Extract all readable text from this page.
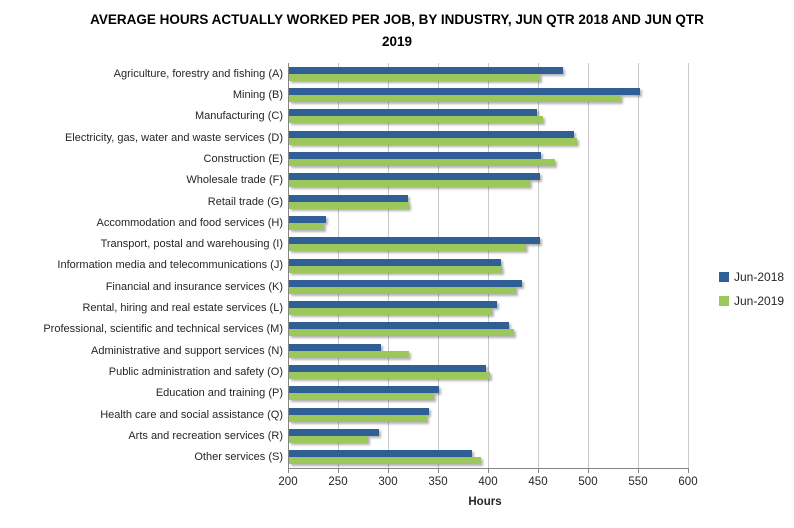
AVERAGE HOURS ACTUALLY WORKED PER JOB, BY INDUSTRY, JUN QTR 2018 AND JUN QTR
2019
Agriculture, forestry and fishing (A)
Mining (B)
Manufacturing (C)
Electricity, gas, water and waste services (D)
Construction (E)
Wholesale trade (F)
Retail trade (G)
Accommodation and food services (H)
Transport, postal and warehousing (I)
Information media and telecommunications (J)
Financial and insurance services (K)
Rental, hiring and real estate services (L)
Professional, scientific and technical services (M)
Administrative and support services (N)
Public administration and safety (O)
Education and training (P)
Health care and social assistance (Q)
Arts and recreation services (R)
Other services (S)
200	250	300	350	400	450	500	550	600
Hours
Jun-2018
Jun-2019
